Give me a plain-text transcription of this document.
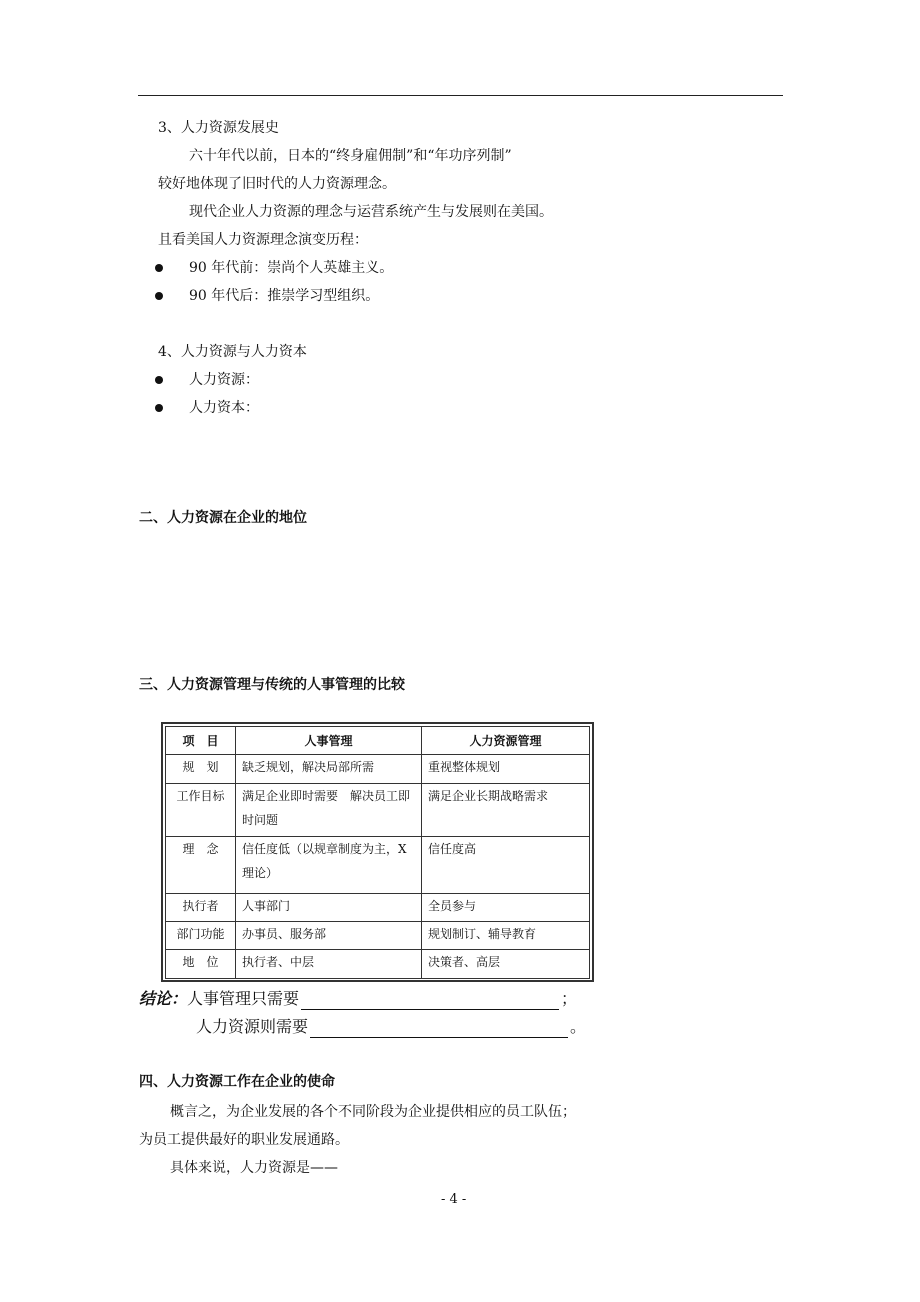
3、人力资源发展史
六十年代以前，日本的“终身雇佣制”和“年功序列制”
较好地体现了旧时代的人力资源理念。
现代企业人力资源的理念与运营系统产生与发展则在美国。
且看美国人力资源理念演变历程：
90 年代前：崇尚个人英雄主义。
90 年代后：推崇学习型组织。
4、人力资源与人力资本
人力资源：
人力资本：
二、人力资源在企业的地位
三、人力资源管理与传统的人事管理的比较
项　目	人事管理	人力资源管理
规　划	缺乏规划，解决局部所需	重视整体规划
工作目标	满足企业即时需要　解决员工即时问题	满足企业长期战略需求
理　念	信任度低（以规章制度为主，X 理论）	信任度高
执行者	人事部门	全员参与
部门功能	办事员、服务部	规划制订、辅导教育
地　位	执行者、中层	决策者、高层
结论：人事管理只需要	；
人力资源则需要	。
四、人力资源工作在企业的使命
概言之，为企业发展的各个不同阶段为企业提供相应的员工队伍；
为员工提供最好的职业发展通路。
具体来说，人力资源是——
- 4 -
